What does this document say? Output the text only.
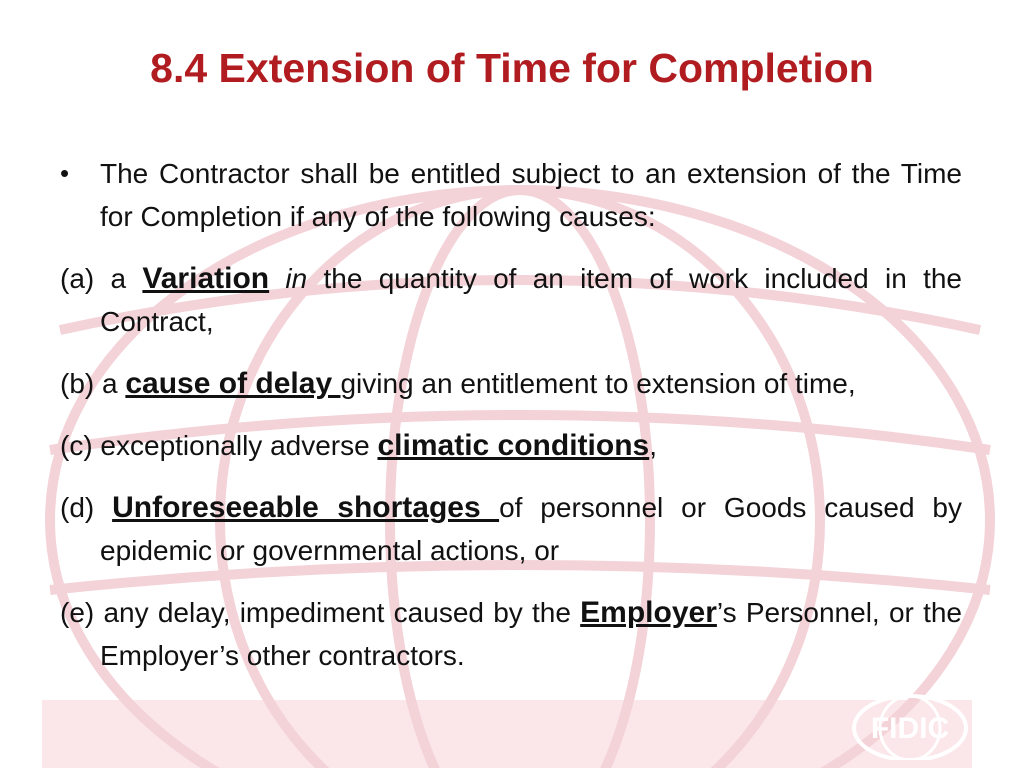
8.4 Extension of Time for Completion

•	The Contractor shall be entitled subject to an extension of the Time for Completion if any of the following causes:

(a) a Variation in the quantity of an item of work included in the Contract,

(b) a cause of delay giving an entitlement to extension of time,

(c) exceptionally adverse climatic conditions,

(d) Unforeseeable shortages of personnel or Goods caused by epidemic or governmental actions, or

(e) any delay, impediment caused by the Employer’s Personnel, or the Employer’s other contractors.

FIDIC
